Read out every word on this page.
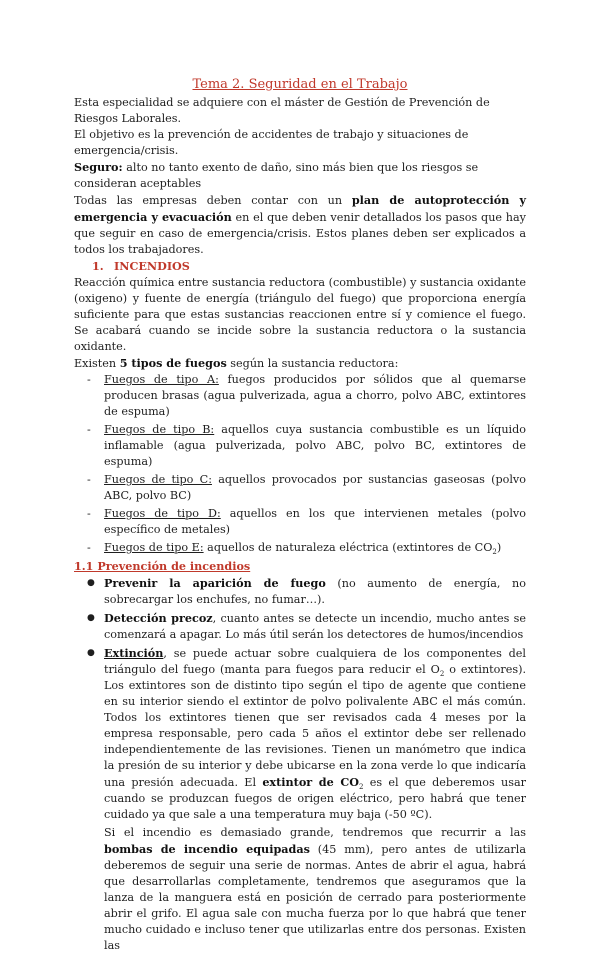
Tema 2. Seguridad en el Trabajo

Esta especialidad se adquiere con el máster de Gestión de Prevención de Riesgos Laborales.

El objetivo es la prevención de accidentes de trabajo y situaciones de emergencia/crisis.

Seguro: alto no tanto exento de daño, sino más bien que los riesgos se consideran aceptables

Todas las empresas deben contar con un plan de autoprotección y emergencia y evacuación en el que deben venir detallados los pasos que hay que seguir en caso de emergencia/crisis. Estos planes deben ser explicados a todos los trabajadores.

1. INCENDIOS

Reacción química entre sustancia reductora (combustible) y sustancia oxidante (oxigeno) y fuente de energía (triángulo del fuego) que proporciona energía suficiente para que estas sustancias reaccionen entre sí y comience el fuego. Se acabará cuando se incide sobre la sustancia reductora o la sustancia oxidante.

Existen 5 tipos de fuegos según la sustancia reductora:

- Fuegos de tipo A: fuegos producidos por sólidos que al quemarse producen brasas (agua pulverizada, agua a chorro, polvo ABC, extintores de espuma)
- Fuegos de tipo B: aquellos cuya sustancia combustible es un líquido inflamable (agua pulverizada, polvo ABC, polvo BC, extintores de espuma)
- Fuegos de tipo C: aquellos provocados por sustancias gaseosas (polvo ABC, polvo BC)
- Fuegos de tipo D: aquellos en los que intervienen metales (polvo específico de metales)
- Fuegos de tipo E: aquellos de naturaleza eléctrica (extintores de $CO_2$)

1.1 Prevención de incendios

● Prevenir la aparición de fuego (no aumento de energía, no sobrecargar los enchufes, no fumar…).
● Detección precoz, cuanto antes se detecte un incendio, mucho antes se comenzará a apagar. Lo más útil serán los detectores de humos/incendios
● Extinción, se puede actuar sobre cualquiera de los componentes del triángulo del fuego (manta para fuegos para reducir el $O_2$ o extintores). Los extintores son de distinto tipo según el tipo de agente que contiene en su interior siendo el extintor de polvo polivalente ABC el más común. Todos los extintores tienen que ser revisados cada 4 meses por la empresa responsable, pero cada 5 años el extintor debe ser rellenado independientemente de las revisiones. Tienen un manómetro que indica la presión de su interior y debe ubicarse en la zona verde lo que indicaría una presión adecuada. El extintor de $CO_2$ es el que deberemos usar cuando se produzcan fuegos de origen eléctrico, pero habrá que tener cuidado ya que sale a una temperatura muy baja (-50 ºC).

Si el incendio es demasiado grande, tendremos que recurrir a las bombas de incendio equipadas (45 mm), pero antes de utilizarla deberemos de seguir una serie de normas. Antes de abrir el agua, habrá que desarrollarlas completamente, tendremos que aseguramos que la lanza de la manguera está en posición de cerrado para posteriormente abrir el grifo. El agua sale con mucha fuerza por lo que habrá que tener mucho cuidado e incluso tener que utilizarlas entre dos personas. Existen las
